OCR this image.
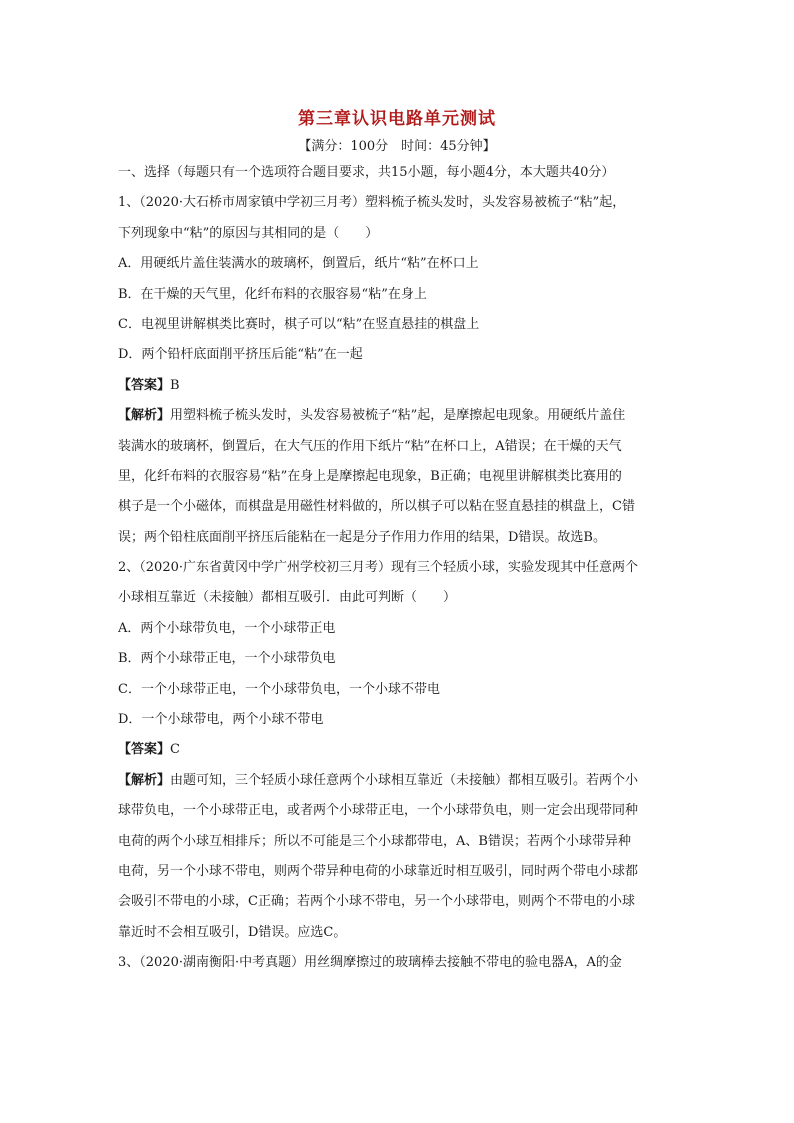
第三章认识电路单元测试
【满分：100分　时间：45分钟】
一、选择（每题只有一个选项符合题目要求，共15小题，每小题4分，本大题共40分）
1、（2020·大石桥市周家镇中学初三月考）塑料梳子梳头发时，头发容易被梳子“粘”起，
下列现象中“粘”的原因与其相同的是（　　）
A．用硬纸片盖住装满水的玻璃杯，倒置后，纸片“粘”在杯口上
B．在干燥的天气里，化纤布料的衣服容易“粘”在身上
C．电视里讲解棋类比赛时，棋子可以“粘”在竖直悬挂的棋盘上
D．两个铅杆底面削平挤压后能“粘”在一起
【答案】B
【解析】用塑料梳子梳头发时，头发容易被梳子“粘”起，是摩擦起电现象。用硬纸片盖住
装满水的玻璃杯，倒置后，在大气压的作用下纸片“粘”在杯口上，A错误；在干燥的天气
里，化纤布料的衣服容易“粘”在身上是摩擦起电现象，B正确；电视里讲解棋类比赛用的
棋子是一个小磁体，而棋盘是用磁性材料做的，所以棋子可以粘在竖直悬挂的棋盘上，C错
误；两个铅柱底面削平挤压后能粘在一起是分子作用力作用的结果，D错误。故选B。
2、（2020·广东省黄冈中学广州学校初三月考）现有三个轻质小球，实验发现其中任意两个
小球相互靠近（未接触）都相互吸引．由此可判断（　　）
A．两个小球带负电，一个小球带正电
B．两个小球带正电，一个小球带负电
C．一个小球带正电，一个小球带负电，一个小球不带电
D．一个小球带电，两个小球不带电
【答案】C
【解析】由题可知，三个轻质小球任意两个小球相互靠近（未接触）都相互吸引。若两个小
球带负电，一个小球带正电，或者两个小球带正电，一个小球带负电，则一定会出现带同种
电荷的两个小球互相排斥；所以不可能是三个小球都带电，A、B错误；若两个小球带异种
电荷，另一个小球不带电，则两个带异种电荷的小球靠近时相互吸引，同时两个带电小球都
会吸引不带电的小球，C正确；若两个小球不带电，另一个小球带电，则两个不带电的小球
靠近时不会相互吸引，D错误。应选C。
3、（2020·湖南衡阳·中考真题）用丝绸摩擦过的玻璃棒去接触不带电的验电器A，A的金
